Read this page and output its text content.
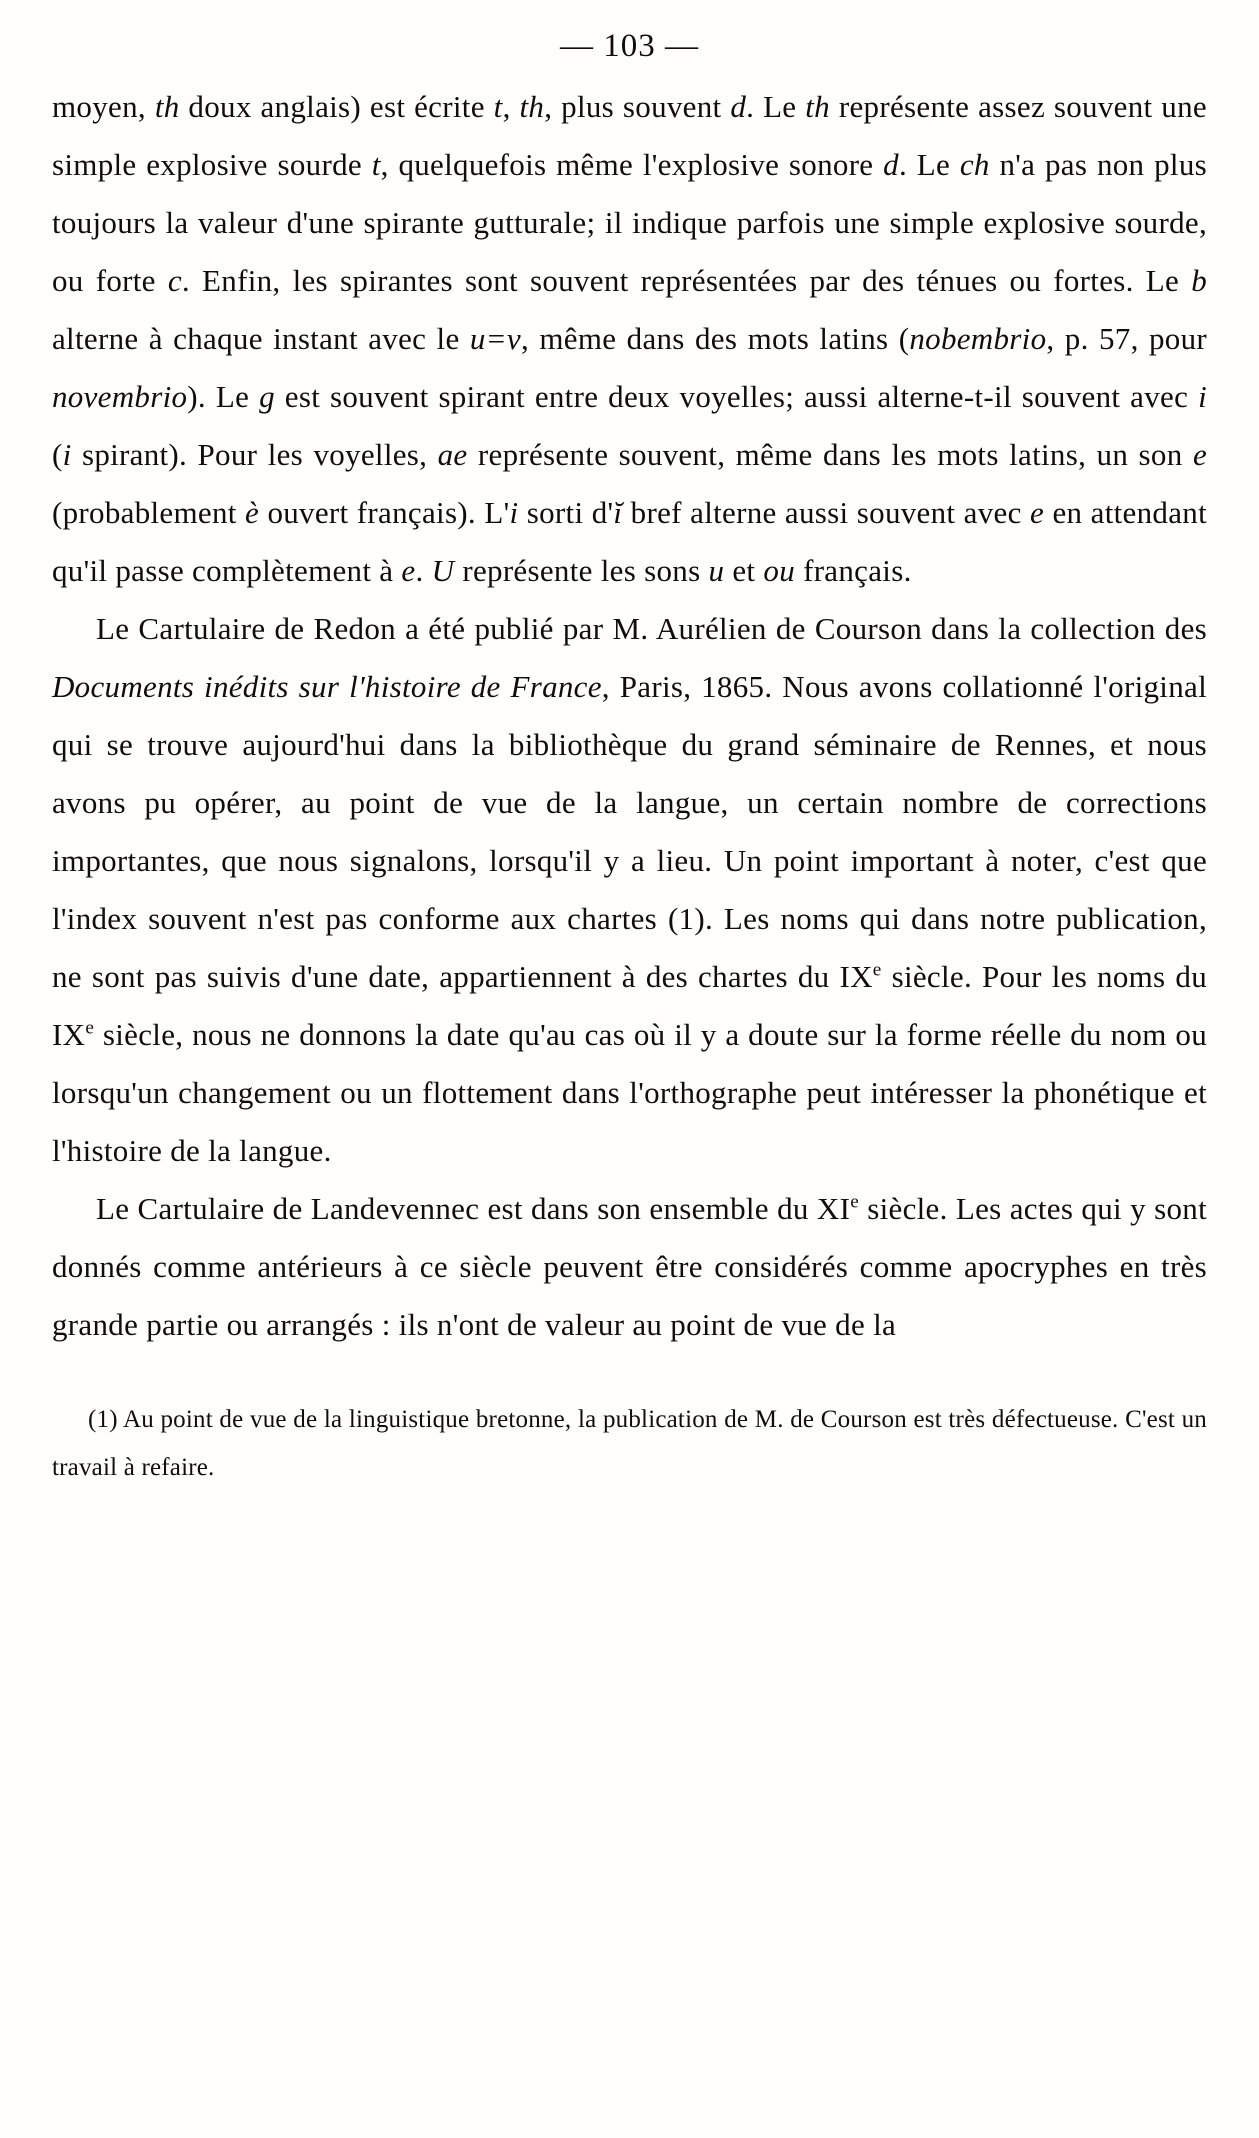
— 103 —

moyen, th doux anglais) est écrite t, th, plus souvent d. Le th représente assez souvent une simple explosive sourde t, quelquefois même l'explosive sonore d. Le ch n'a pas non plus toujours la valeur d'une spirante gutturale; il indique parfois une simple explosive sourde, ou forte c. Enfin, les spirantes sont souvent représentées par des ténues ou fortes. Le b alterne à chaque instant avec le u=v, même dans des mots latins (nobembrio, p. 57, pour novembrio). Le g est souvent spirant entre deux voyelles; aussi alterne-t-il souvent avec i (i spirant). Pour les voyelles, ae représente souvent, même dans les mots latins, un son e (probablement è ouvert français). L'i sorti d'ĭ bref alterne aussi souvent avec e en attendant qu'il passe complètement à e. U représente les sons u et ou français.

Le Cartulaire de Redon a été publié par M. Aurélien de Courson dans la collection des Documents inédits sur l'histoire de France, Paris, 1865. Nous avons collationné l'original qui se trouve aujourd'hui dans la bibliothèque du grand séminaire de Rennes, et nous avons pu opérer, au point de vue de la langue, un certain nombre de corrections importantes, que nous signalons, lorsqu'il y a lieu. Un point important à noter, c'est que l'index souvent n'est pas conforme aux chartes (1). Les noms qui dans notre publication, ne sont pas suivis d'une date, appartiennent à des chartes du IXe siècle. Pour les noms du IXe siècle, nous ne donnons la date qu'au cas où il y a doute sur la forme réelle du nom ou lorsqu'un changement ou un flottement dans l'orthographe peut intéresser la phonétique et l'histoire de la langue.

Le Cartulaire de Landevennec est dans son ensemble du XIe siècle. Les actes qui y sont donnés comme antérieurs à ce siècle peuvent être considérés comme apocryphes en très grande partie ou arrangés : ils n'ont de valeur au point de vue de la

(1) Au point de vue de la linguistique bretonne, la publication de M. de Courson est très défectueuse. C'est un travail à refaire.
